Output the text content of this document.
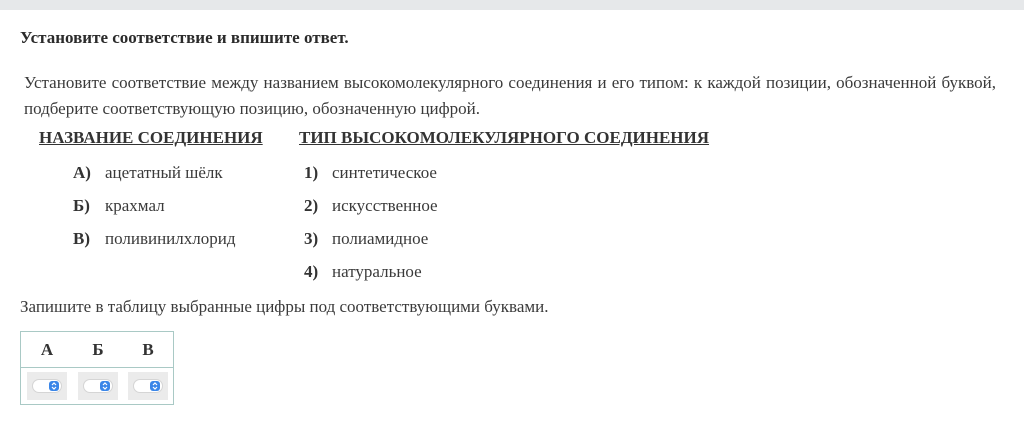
Установите соответствие и впишите ответ.
Установите соответствие между названием высокомолекулярного соединения и его типом: к каждой позиции, обозначенной буквой, подберите соответствующую позицию, обозначенную цифрой.
НАЗВАНИЕ СОЕДИНЕНИЯ ТИП ВЫСОКОМОЛЕКУЛЯРНОГО СОЕДИНЕНИЯ
А) ацетатный шёлк
Б) крахмал
В) поливинилхлорид
1) синтетическое
2) искусственное
3) полиамидное
4) натуральное
Запишите в таблицу выбранные цифры под соответствующими буквами.
А	Б	В
